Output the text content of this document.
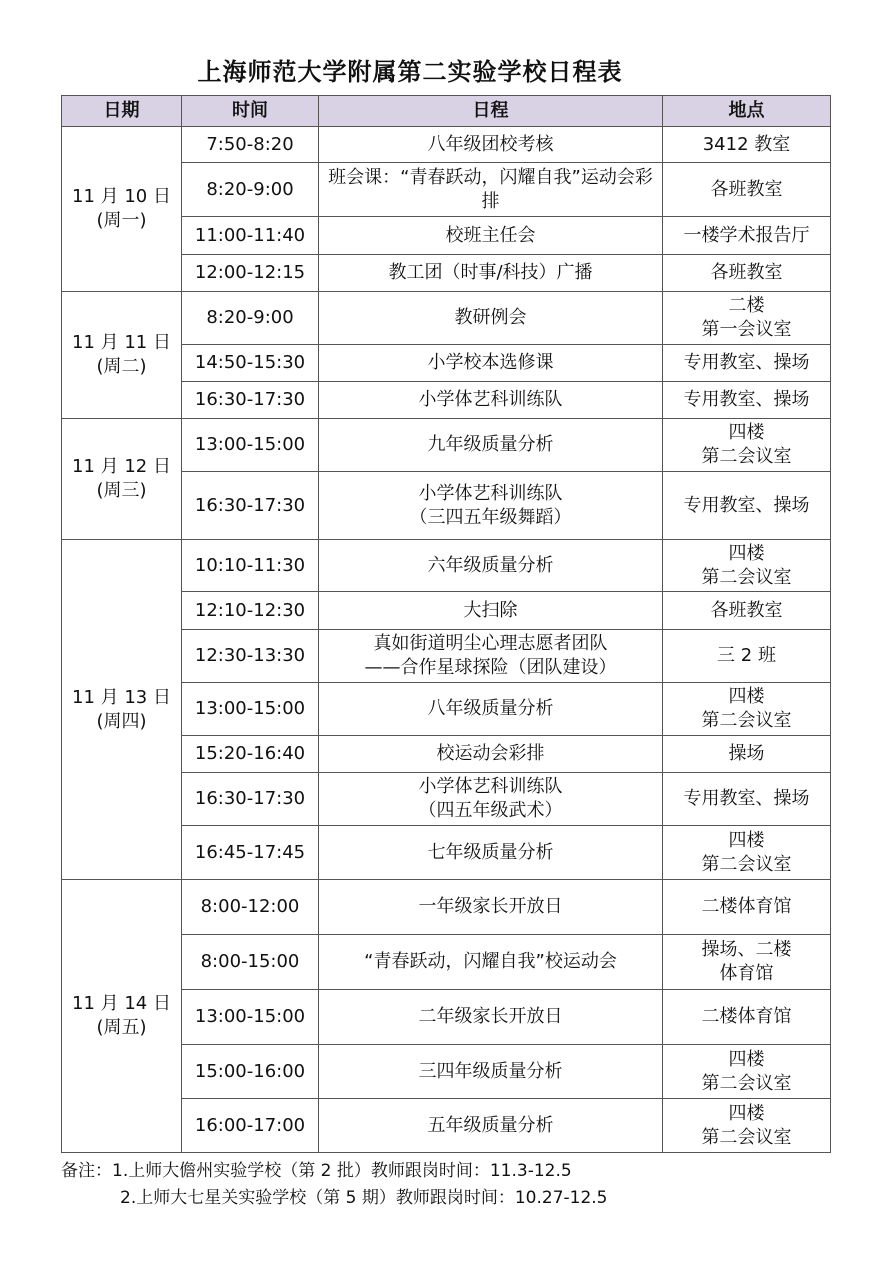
上海师范大学附属第二实验学校日程表
日期	时间	日程	地点

11 月 10 日
(周一)	7:50-8:20	八年级团校考核	3412 教室
	8:20-9:00	班会课：“青春跃动，闪耀自我”运动会彩排	各班教室
	11:00-11:40	校班主任会	一楼学术报告厅
	12:00-12:15	教工团（时事/科技）广播	各班教室

11 月 11 日
(周二)	8:20-9:00	教研例会	二楼
第一会议室
	14:50-15:30	小学校本选修课	专用教室、操场
	16:30-17:30	小学体艺科训练队	专用教室、操场

11 月 12 日
(周三)	13:00-15:00	九年级质量分析	四楼
第二会议室
	16:30-17:30	小学体艺科训练队
（三四五年级舞蹈）	专用教室、操场

11 月 13 日
(周四)	10:10-11:30	六年级质量分析	四楼
第二会议室
	12:10-12:30	大扫除	各班教室
	12:30-13:30	真如街道明尘心理志愿者团队
——合作星球探险（团队建设）	三 2 班
	13:00-15:00	八年级质量分析	四楼
第二会议室
	15:20-16:40	校运动会彩排	操场
	16:30-17:30	小学体艺科训练队
（四五年级武术）	专用教室、操场
	16:45-17:45	七年级质量分析	四楼
第二会议室

11 月 14 日
(周五)	8:00-12:00	一年级家长开放日	二楼体育馆
	8:00-15:00	“青春跃动，闪耀自我”校运动会	操场、二楼
体育馆
	13:00-15:00	二年级家长开放日	二楼体育馆
	15:00-16:00	三四年级质量分析	四楼
第二会议室
	16:00-17:00	五年级质量分析	四楼
第二会议室
备注：1.上师大儋州实验学校（第 2 批）教师跟岗时间：11.3-12.5
2.上师大七星关实验学校（第 5 期）教师跟岗时间：10.27-12.5
